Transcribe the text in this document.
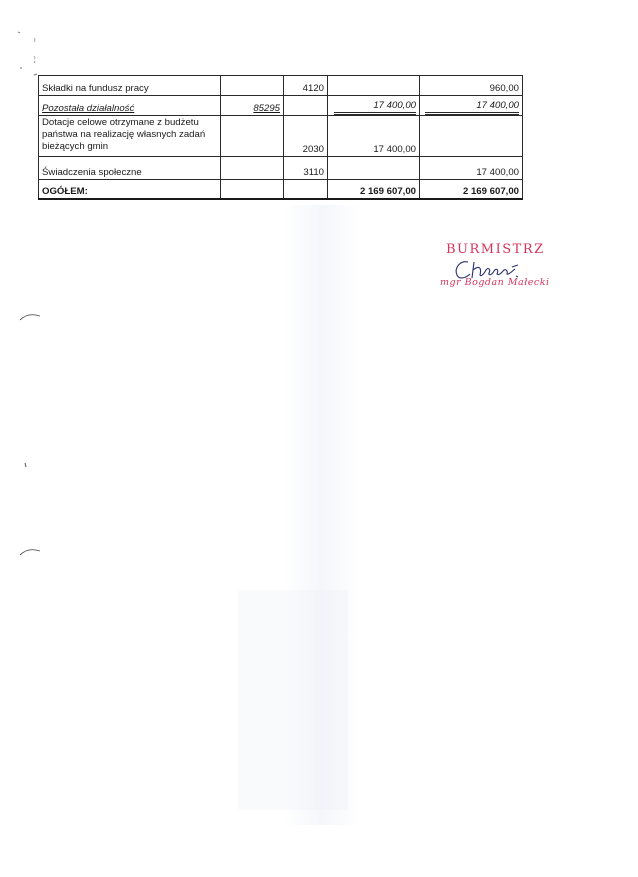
Składki na fundusz pracy		4120		960,00
Pozostała działalność	85295		17 400,00	17 400,00

Dotacje celowe otrzymane z budżetu
państwa na realizację własnych zadań
bieżących gmin		2030	17 400,00	
Świadczenia społeczne		3110		17 400,00
OGÓŁEM:			2 169 607,00	2 169 607,00
BURMISTRZ
mgr Bogdan Małecki
